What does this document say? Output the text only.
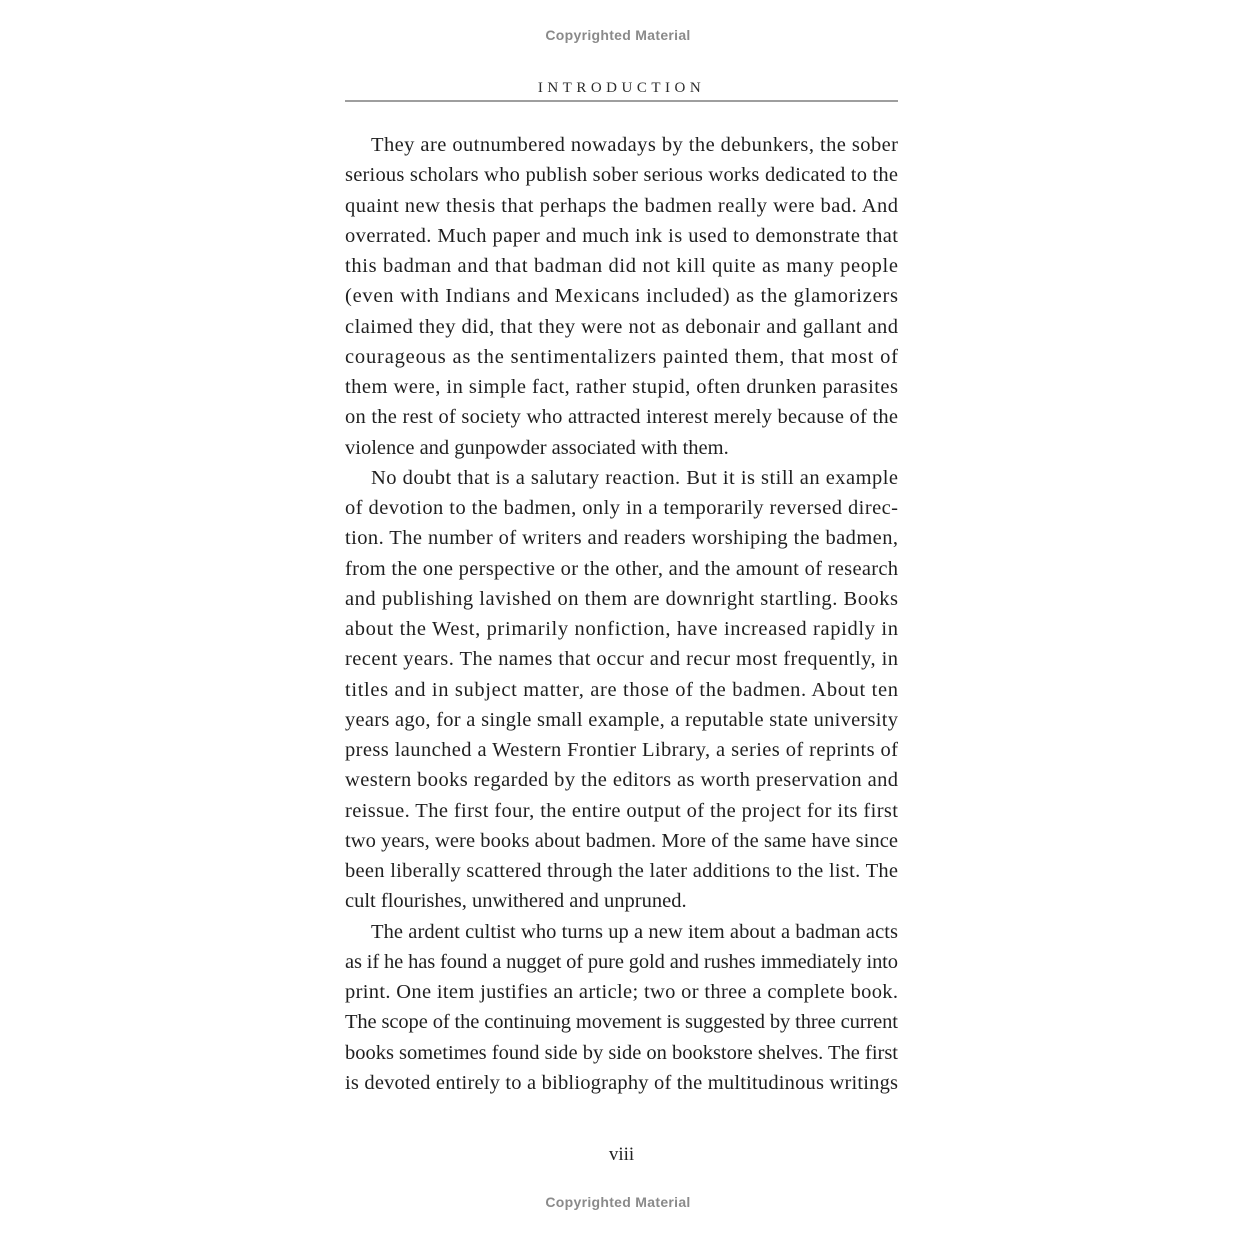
Copyrighted Material
INTRODUCTION
They are outnumbered nowadays by the debunkers, the sober
serious scholars who publish sober serious works dedicated to the
quaint new thesis that perhaps the badmen really were bad. And
overrated. Much paper and much ink is used to demonstrate that
this badman and that badman did not kill quite as many people
(even with Indians and Mexicans included) as the glamorizers
claimed they did, that they were not as debonair and gallant and
courageous as the sentimentalizers painted them, that most of
them were, in simple fact, rather stupid, often drunken parasites
on the rest of society who attracted interest merely because of the
violence and gunpowder associated with them.
No doubt that is a salutary reaction. But it is still an example
of devotion to the badmen, only in a temporarily reversed direc-
tion. The number of writers and readers worshiping the badmen,
from the one perspective or the other, and the amount of research
and publishing lavished on them are downright startling. Books
about the West, primarily nonfiction, have increased rapidly in
recent years. The names that occur and recur most frequently, in
titles and in subject matter, are those of the badmen. About ten
years ago, for a single small example, a reputable state university
press launched a Western Frontier Library, a series of reprints of
western books regarded by the editors as worth preservation and
reissue. The first four, the entire output of the project for its first
two years, were books about badmen. More of the same have since
been liberally scattered through the later additions to the list. The
cult flourishes, unwithered and unpruned.
The ardent cultist who turns up a new item about a badman acts
as if he has found a nugget of pure gold and rushes immediately into
print. One item justifies an article; two or three a complete book.
The scope of the continuing movement is suggested by three current
books sometimes found side by side on bookstore shelves. The first
is devoted entirely to a bibliography of the multitudinous writings
viii
Copyrighted Material
